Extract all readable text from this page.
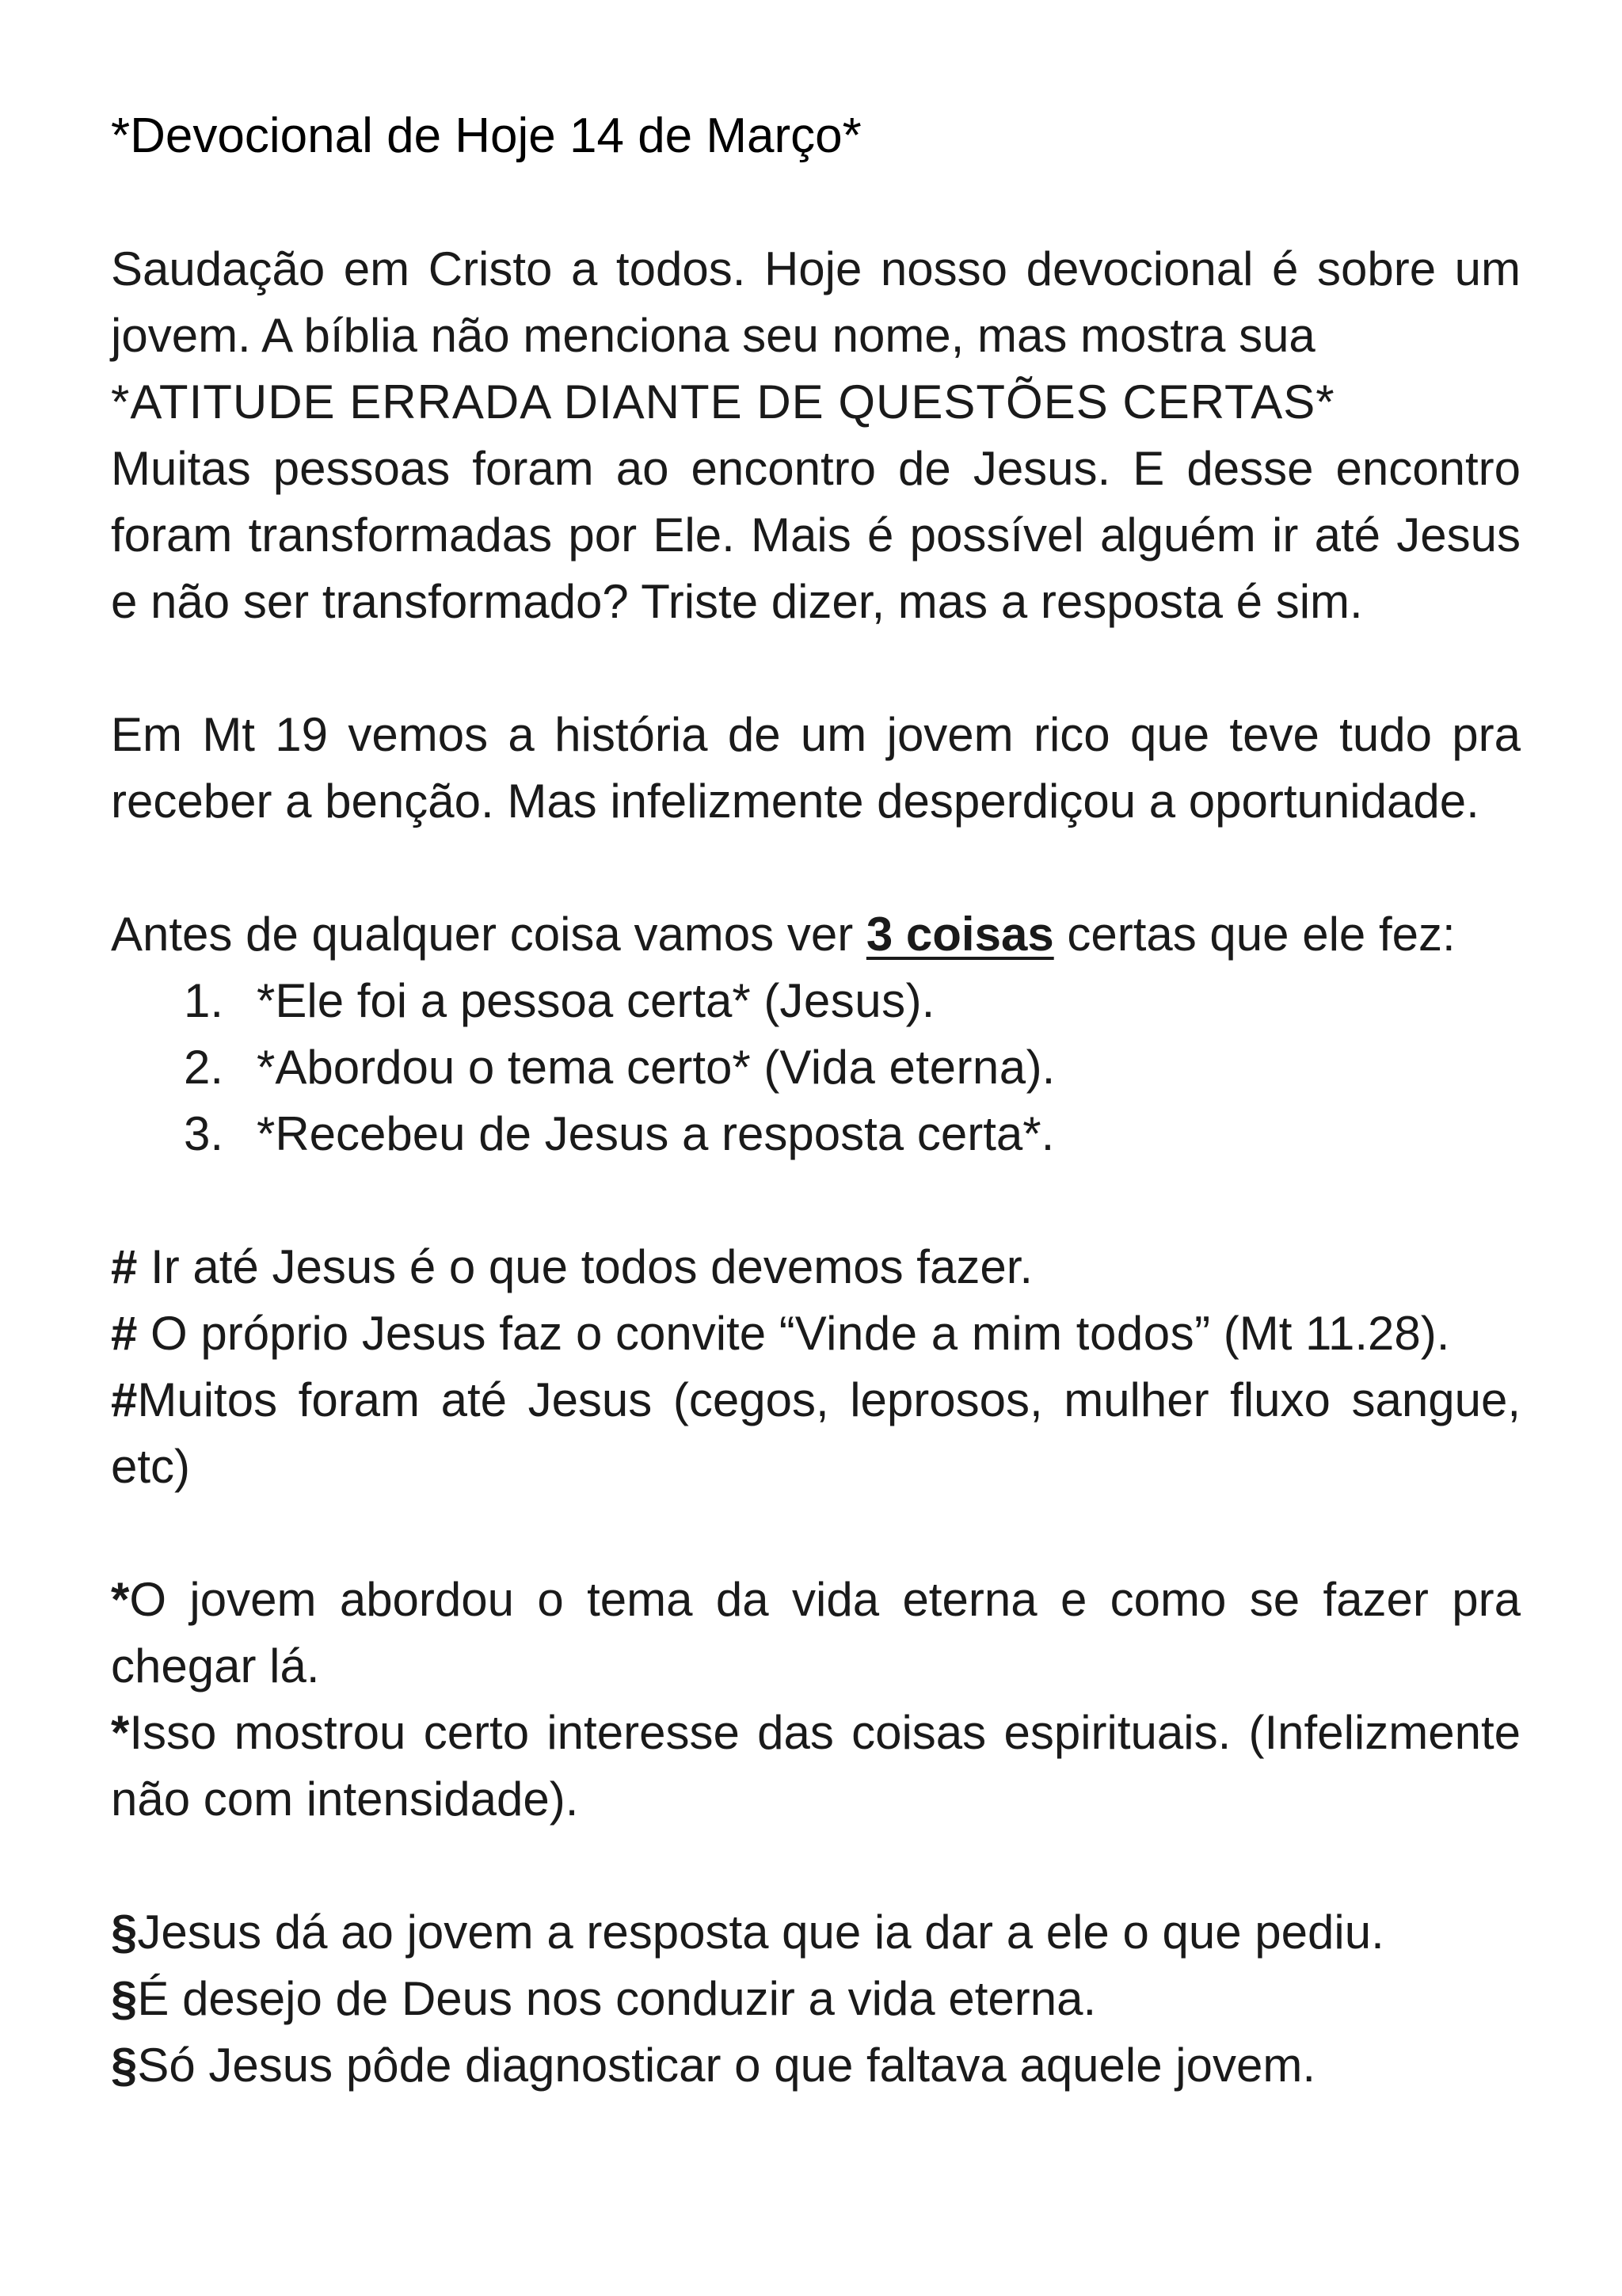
*Devocional de Hoje 14 de Março*

Saudação em Cristo a todos. Hoje nosso devocional é sobre um jovem. A bíblia não menciona seu nome, mas mostra sua

*ATITUDE ERRADA DIANTE DE QUESTÕES CERTAS*

Muitas pessoas foram ao encontro de Jesus. E desse encontro foram transformadas por Ele. Mais é possível alguém ir até Jesus e não ser transformado? Triste dizer, mas a resposta é sim.

Em Mt 19 vemos a história de um jovem rico que teve tudo pra receber a benção. Mas infelizmente desperdiçou a oportunidade.

Antes de qualquer coisa vamos ver 3 coisas certas que ele fez:

1. *Ele foi a pessoa certa* (Jesus).
2. *Abordou o tema certo* (Vida eterna).
3. *Recebeu de Jesus a resposta certa*.

# Ir até Jesus é o que todos devemos fazer.

# O próprio Jesus faz o convite “Vinde a mim todos” (Mt 11.28).

#Muitos foram até Jesus (cegos, leprosos, mulher fluxo sangue, etc)

*O jovem abordou o tema da vida eterna e como se fazer pra chegar lá.

*Isso mostrou certo interesse das coisas espirituais. (Infelizmente não com intensidade).

§Jesus dá ao jovem a resposta que ia dar a ele o que pediu.

§É desejo de Deus nos conduzir a vida eterna.

§Só Jesus pôde diagnosticar o que faltava aquele jovem.
